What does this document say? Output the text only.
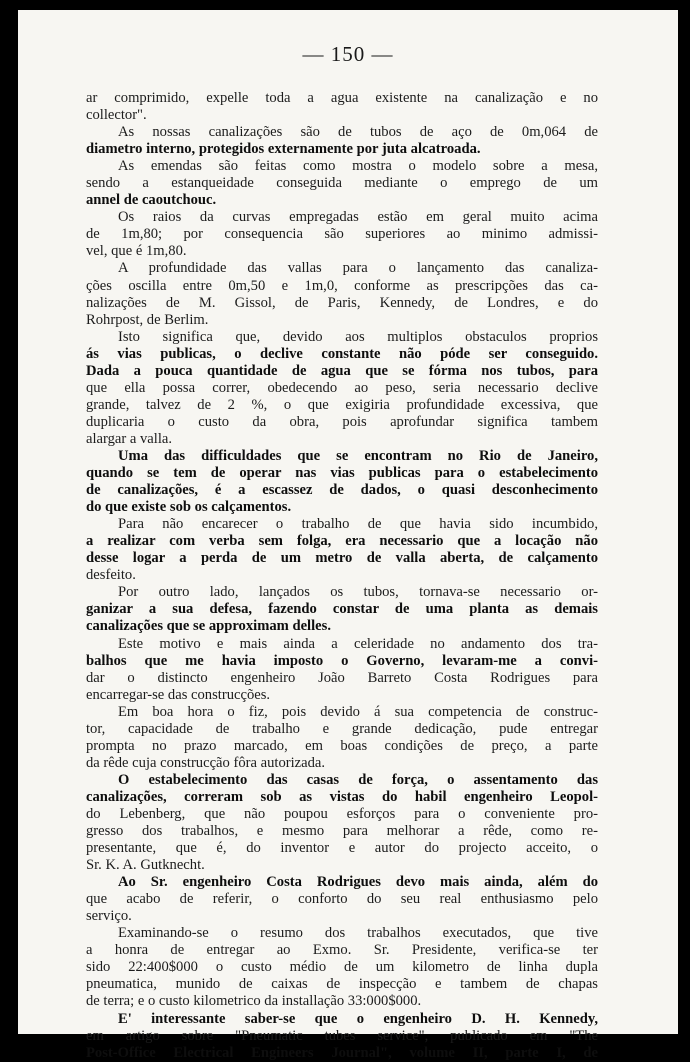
— 150 —
ar comprimido, expelle toda a agua existente na canalização e no
collector".
As nossas canalizações são de tubos de aço de 0m,064 de
diametro interno, protegidos externamente por juta alcatroada.
As emendas são feitas como mostra o modelo sobre a mesa,
sendo a estanqueidade conseguida mediante o emprego de um
annel de caoutchouc.
Os raios da curvas empregadas estão em geral muito acima
de 1m,80; por consequencia são superiores ao minimo admissi-
vel, que é 1m,80.
A profundidade das vallas para o lançamento das canaliza-
ções oscilla entre 0m,50 e 1m,0, conforme as prescripções das ca-
nalizações de M. Gissol, de Paris, Kennedy, de Londres, e do
Rohrpost, de Berlim.
Isto significa que, devido aos multiplos obstaculos proprios
ás vias publicas, o declive constante não póde ser conseguido.
Dada a pouca quantidade de agua que se fórma nos tubos, para
que ella possa correr, obedecendo ao peso, seria necessario declive
grande, talvez de 2 %, o que exigiria profundidade excessiva, que
duplicaria o custo da obra, pois aprofundar significa tambem
alargar a valla.
Uma das difficuldades que se encontram no Rio de Janeiro,
quando se tem de operar nas vias publicas para o estabelecimento
de canalizações, é a escassez de dados, o quasi desconhecimento
do que existe sob os calçamentos.
Para não encarecer o trabalho de que havia sido incumbido,
a realizar com verba sem folga, era necessario que a locação não
desse logar a perda de um metro de valla aberta, de calçamento
desfeito.
Por outro lado, lançados os tubos, tornava-se necessario or-
ganizar a sua defesa, fazendo constar de uma planta as demais
canalizações que se approximam delles.
Este motivo e mais ainda a celeridade no andamento dos tra-
balhos que me havia imposto o Governo, levaram-me a convi-
dar o distincto engenheiro João Barreto Costa Rodrigues para
encarregar-se das construcções.
Em boa hora o fiz, pois devido á sua competencia de construc-
tor, capacidade de trabalho e grande dedicação, pude entregar
prompta no prazo marcado, em boas condições de preço, a parte
da rêde cuja construcção fôra autorizada.
O estabelecimento das casas de força, o assentamento das
canalizações, correram sob as vistas do habil engenheiro Leopol-
do Lebenberg, que não poupou esforços para o conveniente pro-
gresso dos trabalhos, e mesmo para melhorar a rêde, como re-
presentante, que é, do inventor e autor do projecto acceito, o
Sr. K. A. Gutknecht.
Ao Sr. engenheiro Costa Rodrigues devo mais ainda, além do
que acabo de referir, o conforto do seu real enthusiasmo pelo
serviço.
Examinando-se o resumo dos trabalhos executados, que tive
a honra de entregar ao Exmo. Sr. Presidente, verifica-se ter
sido 22:400$000 o custo médio de um kilometro de linha dupla
pneumatica, munido de caixas de inspecção e tambem de chapas
de terra; e o custo kilometrico da installação 33:000$000.
E' interessante saber-se que o engenheiro D. H. Kennedy,
em artigo sobre "Pneumatic tubes service", publicado em "The
Post-Office Electrical Engineers Journal", volume II, parte I, de
